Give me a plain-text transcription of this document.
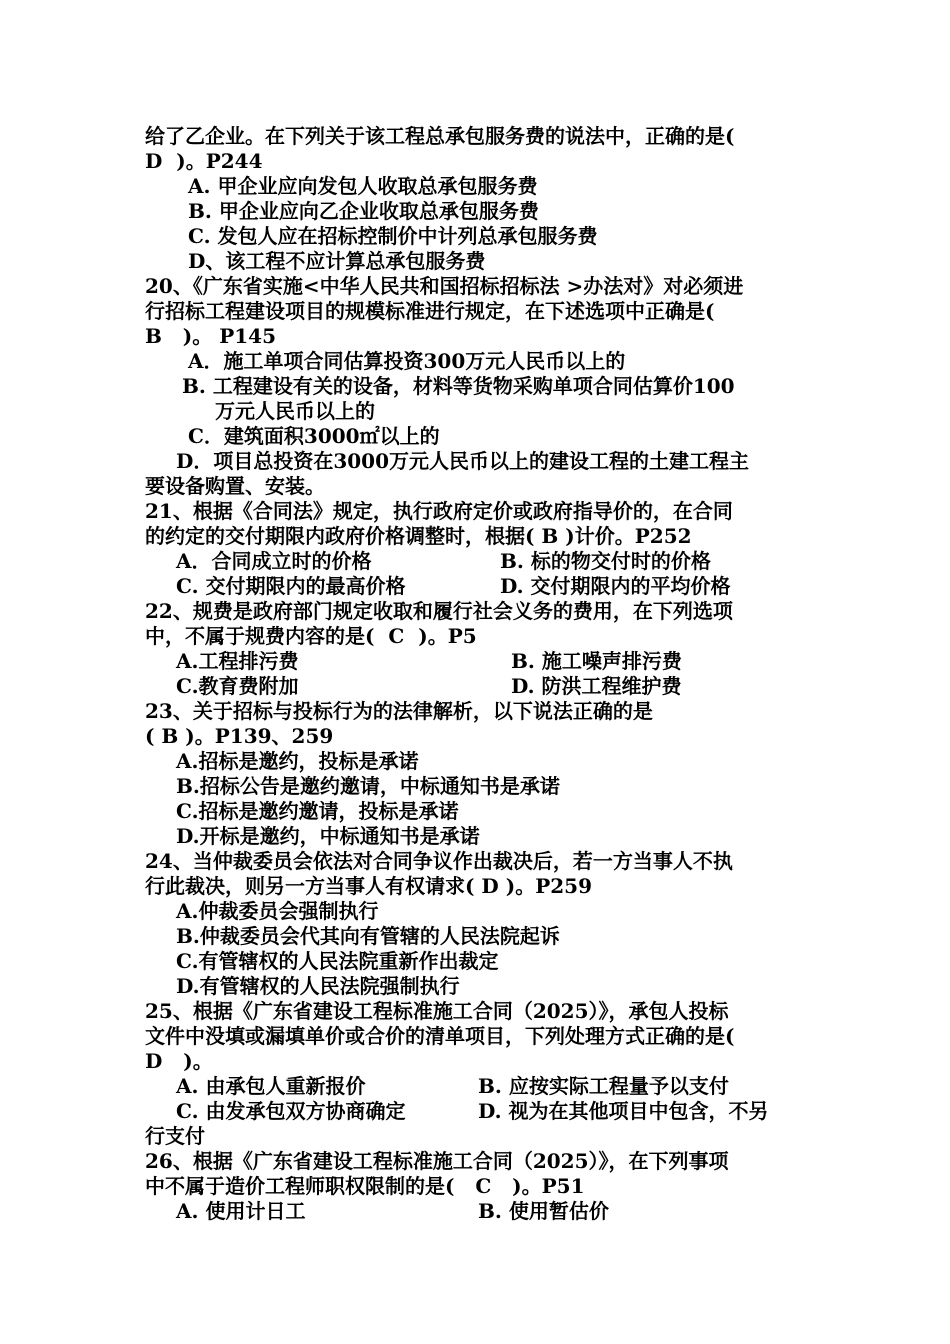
给了乙企业。在下列关于该工程总承包服务费的说法中，正确的是(
D  )。P244
A. 甲企业应向发包人收取总承包服务费
B. 甲企业应向乙企业收取总承包服务费
C. 发包人应在招标控制价中计列总承包服务费
D、该工程不应计算总承包服务费
20、《广东省实施<中华人民共和国招标招标法 >办法对》对必须进
行招标工程建设项目的规模标准进行规定，在下述选项中正确是(
B   )。 P145
A．施工单项合同估算投资300万元人民币以上的
B. 工程建设有关的设备，材料等货物采购单项合同估算价100
万元人民币以上的
C．建筑面积3000㎡以上的
D．项目总投资在3000万元人民币以上的建设工程的土建工程主
要设备购置、安装。
21、根据《合同法》规定，执行政府定价或政府指导价的，在合同
的约定的交付期限内政府价格调整时，根据( B )计价。P252
A．合同成立时的价格	B. 标的物交付时的价格
C. 交付期限内的最高价格	D. 交付期限内的平均价格
22、规费是政府部门规定收取和履行社会义务的费用，在下列选项
中，不属于规费内容的是(  C  )。P5
A.工程排污费	B. 施工噪声排污费
C.教育费附加	D. 防洪工程维护费
23、关于招标与投标行为的法律解析，以下说法正确的是
( B )。P139、259
A.招标是邀约，投标是承诺
B.招标公告是邀约邀请，中标通知书是承诺
C.招标是邀约邀请，投标是承诺
D.开标是邀约，中标通知书是承诺
24、当仲裁委员会依法对合同争议作出裁决后，若一方当事人不执
行此裁决，则另一方当事人有权请求( D )。P259
A.仲裁委员会强制执行
B.仲裁委员会代其向有管辖的人民法院起诉
C.有管辖权的人民法院重新作出裁定
D.有管辖权的人民法院强制执行
25、根据《广东省建设工程标准施工合同（2025）》，承包人投标
文件中没填或漏填单价或合价的清单项目，下列处理方式正确的是(
D   )。
A. 由承包人重新报价	B. 应按实际工程量予以支付
C. 由发承包双方协商确定	D. 视为在其他项目中包含，不另
行支付
26、根据《广东省建设工程标准施工合同（2025）》，在下列事项
中不属于造价工程师职权限制的是(   C   )。P51
A. 使用计日工	B. 使用暂估价
